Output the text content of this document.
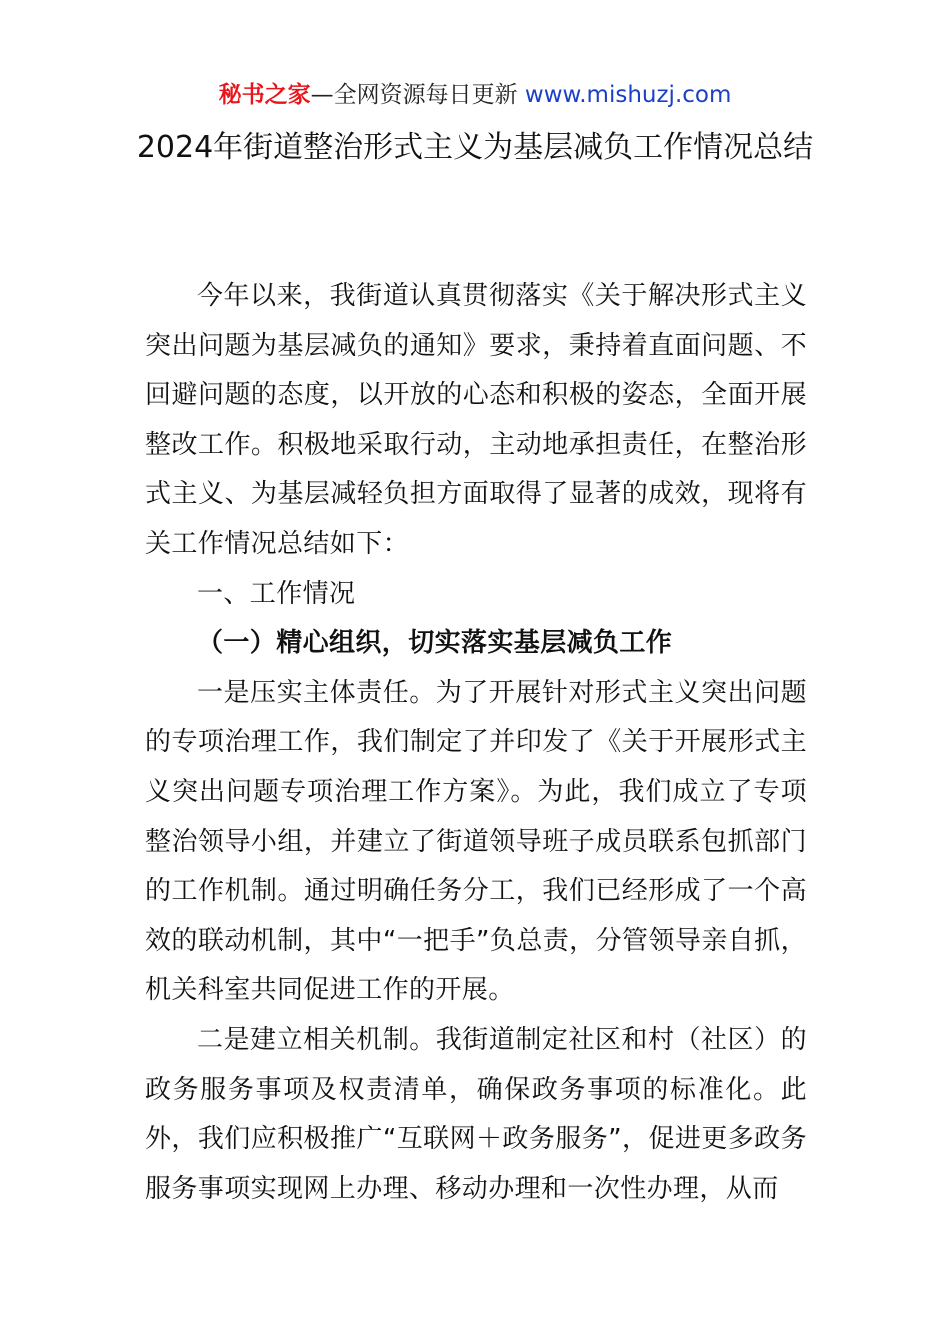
秘书之家—全网资源每日更新 www.mishuzj.com
2024年街道整治形式主义为基层减负工作情况总结

今年以来，我街道认真贯彻落实《关于解决形式主义突出问题为基层减负的通知》要求，秉持着直面问题、不回避问题的态度，以开放的心态和积极的姿态，全面开展整改工作。积极地采取行动，主动地承担责任，在整治形式主义、为基层减轻负担方面取得了显著的成效，现将有关工作情况总结如下：

一、工作情况

（一）精心组织，切实落实基层减负工作

一是压实主体责任。为了开展针对形式主义突出问题的专项治理工作，我们制定了并印发了《关于开展形式主义突出问题专项治理工作方案》。为此，我们成立了专项整治领导小组，并建立了街道领导班子成员联系包抓部门的工作机制。通过明确任务分工，我们已经形成了一个高效的联动机制，其中“一把手”负总责，分管领导亲自抓，机关科室共同促进工作的开展。

二是建立相关机制。我街道制定社区和村（社区）的政务服务事项及权责清单，确保政务事项的标准化。此外，我们应积极推广“互联网＋政务服务”，促进更多政务服务事项实现网上办理、移动办理和一次性办理，从而
